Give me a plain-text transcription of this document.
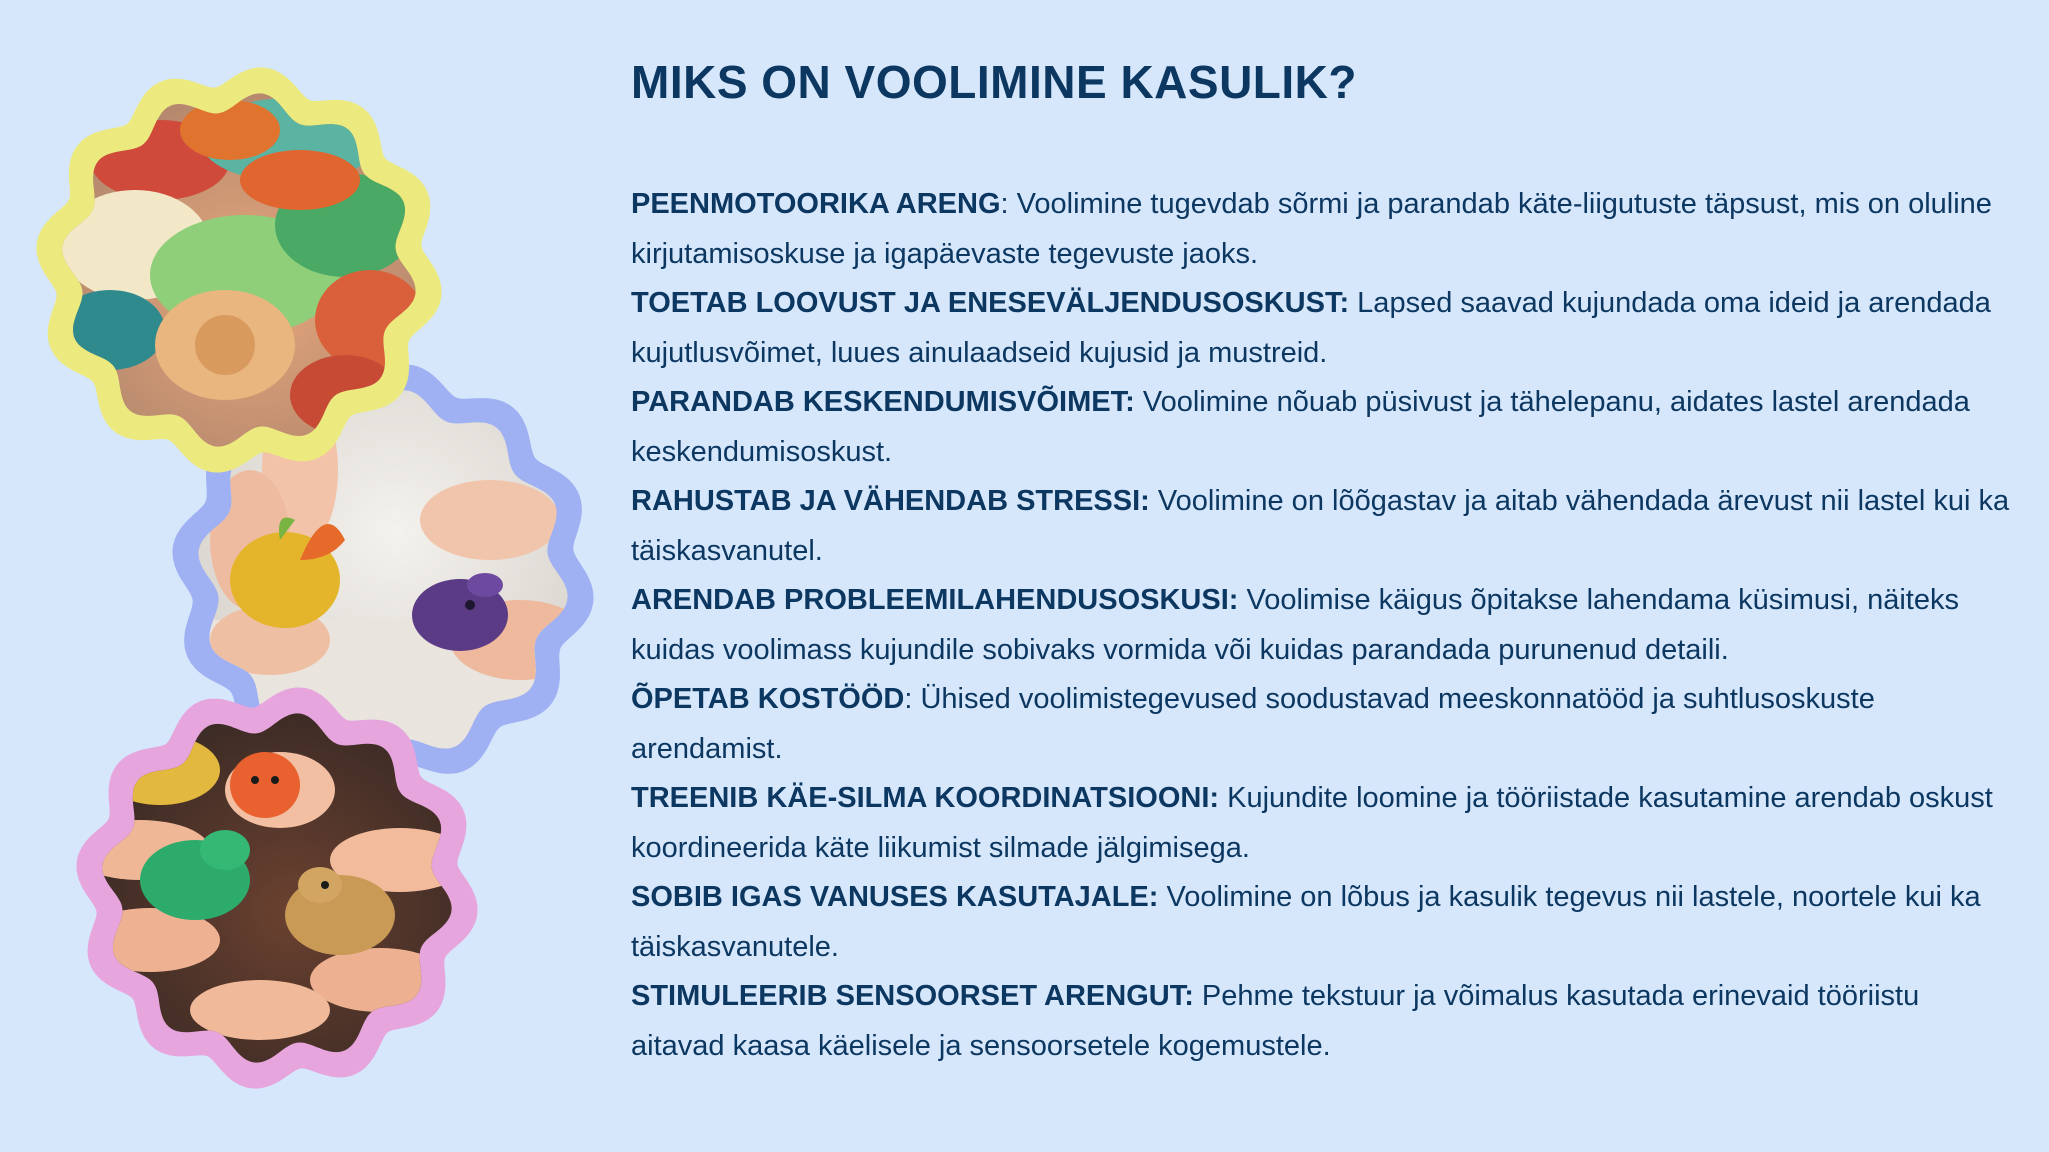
MIKS ON VOOLIMINE KASULIK?

PEENMOTOORIKA ARENG: Voolimine tugevdab sõrmi ja parandab käte-liigutuste täpsust, mis on oluline kirjutamisoskuse ja igapäevaste tegevuste jaoks.

TOETAB LOOVUST JA ENESEVÄLJENDUSOSKUST: Lapsed saavad kujundada oma ideid ja arendada kujutlusvõimet, luues ainulaadseid kujusid ja mustreid.

PARANDAB KESKENDUMISVÕIMET: Voolimine nõuab püsivust ja tähelepanu, aidates lastel arendada keskendumisoskust.

RAHUSTAB JA VÄHENDAB STRESSI: Voolimine on lõõgastav ja aitab vähendada ärevust nii lastel kui ka täiskasvanutel.

ARENDAB PROBLEEMILAHENDUSOSKUSI: Voolimise käigus õpitakse lahendama küsimusi, näiteks kuidas voolimass kujundile sobivaks vormida või kuidas parandada purunenud detaili.

ÕPETAB KOSTÖÖD: Ühised voolimistegevused soodustavad meeskonnatööd ja suhtlusoskuste arendamist.

TREENIB KÄE-SILMA KOORDINATSIOONI: Kujundite loomine ja tööriistade kasutamine arendab oskust koordineerida käte liikumist silmade jälgimisega.

SOBIB IGAS VANUSES KASUTAJALE: Voolimine on lõbus ja kasulik tegevus nii lastele, noortele kui ka täiskasvanutele.

STIMULEERIB SENSOORSET ARENGUT: Pehme tekstuur ja võimalus kasutada erinevaid tööriistu aitavad kaasa käelisele ja sensoorsetele kogemustele.
